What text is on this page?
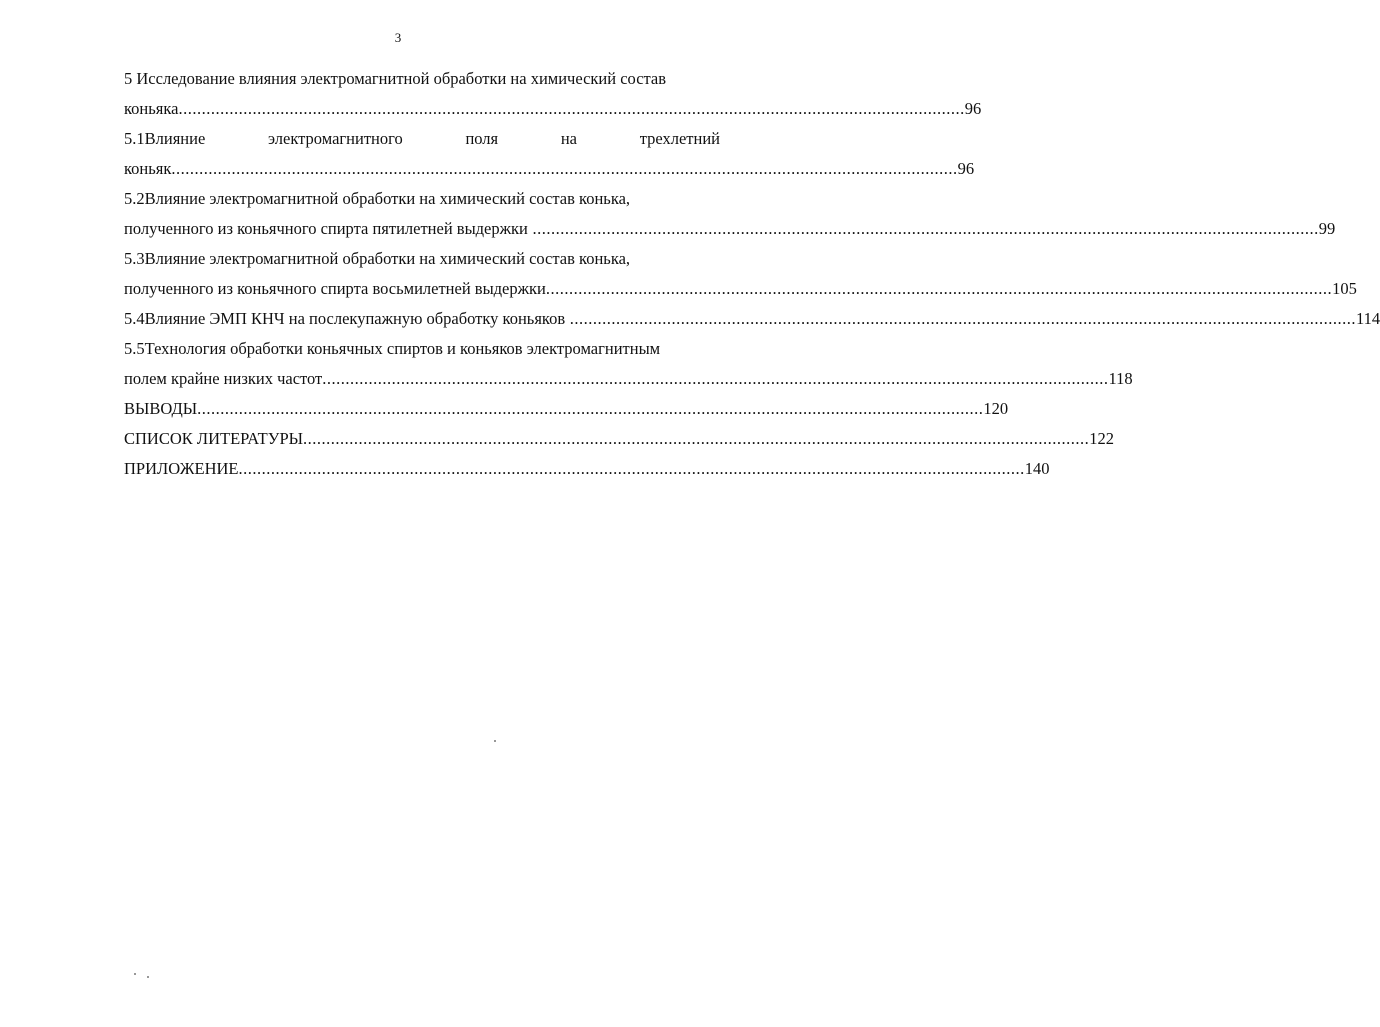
3
5 Исследование влияния электромагнитной обработки на химический состав
коньяка .......................................................................................................................................................................... 96
5.1Влияние	электромагнитного	поля	на	трехлетний
коньяк .......................................................................................................................................................................... 96
5.2Влияние электромагнитной обработки на химический состав конька,
полученного из коньячного спирта пятилетней выдержки .......................................................................................................................................................................... 99
5.3Влияние электромагнитной обработки на химический состав конька,
полученного из коньячного спирта восьмилетней выдержки .......................................................................................................................................................................... 105
5.4Влияние ЭМП КНЧ на послекупажную обработку коньяков .......................................................................................................................................................................... 114
5.5Технология обработки коньячных спиртов и коньяков электромагнитным
полем крайне низких частот .......................................................................................................................................................................... 118
ВЫВОДЫ .......................................................................................................................................................................... 120
СПИСОК ЛИТЕРАТУРЫ .......................................................................................................................................................................... 122
ПРИЛОЖЕНИЕ .......................................................................................................................................................................... 140
